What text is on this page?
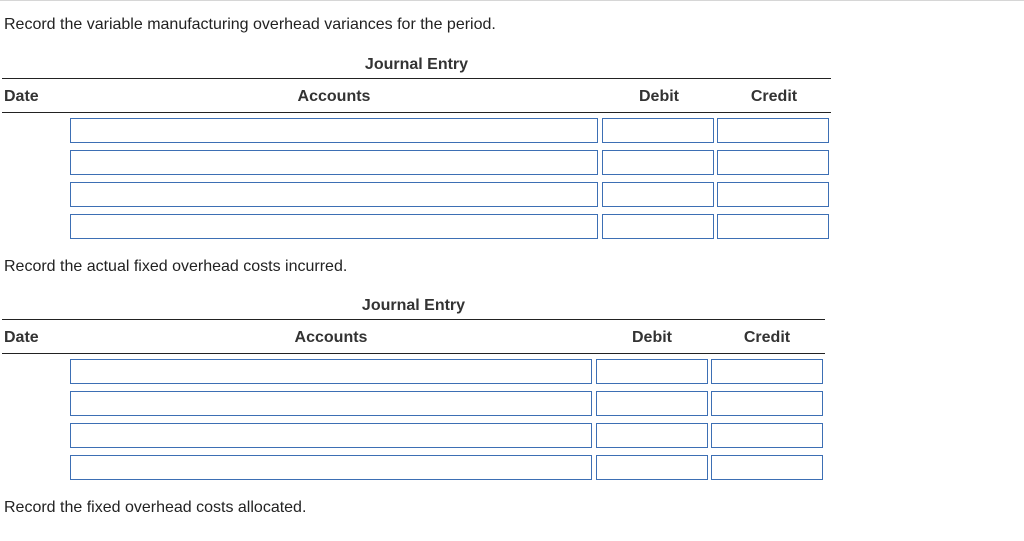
Record the variable manufacturing overhead variances for the period.
Journal Entry
Date	Accounts	Debit	Credit
Record the actual fixed overhead costs incurred.
Journal Entry
Date	Accounts	Debit	Credit
Record the fixed overhead costs allocated.
